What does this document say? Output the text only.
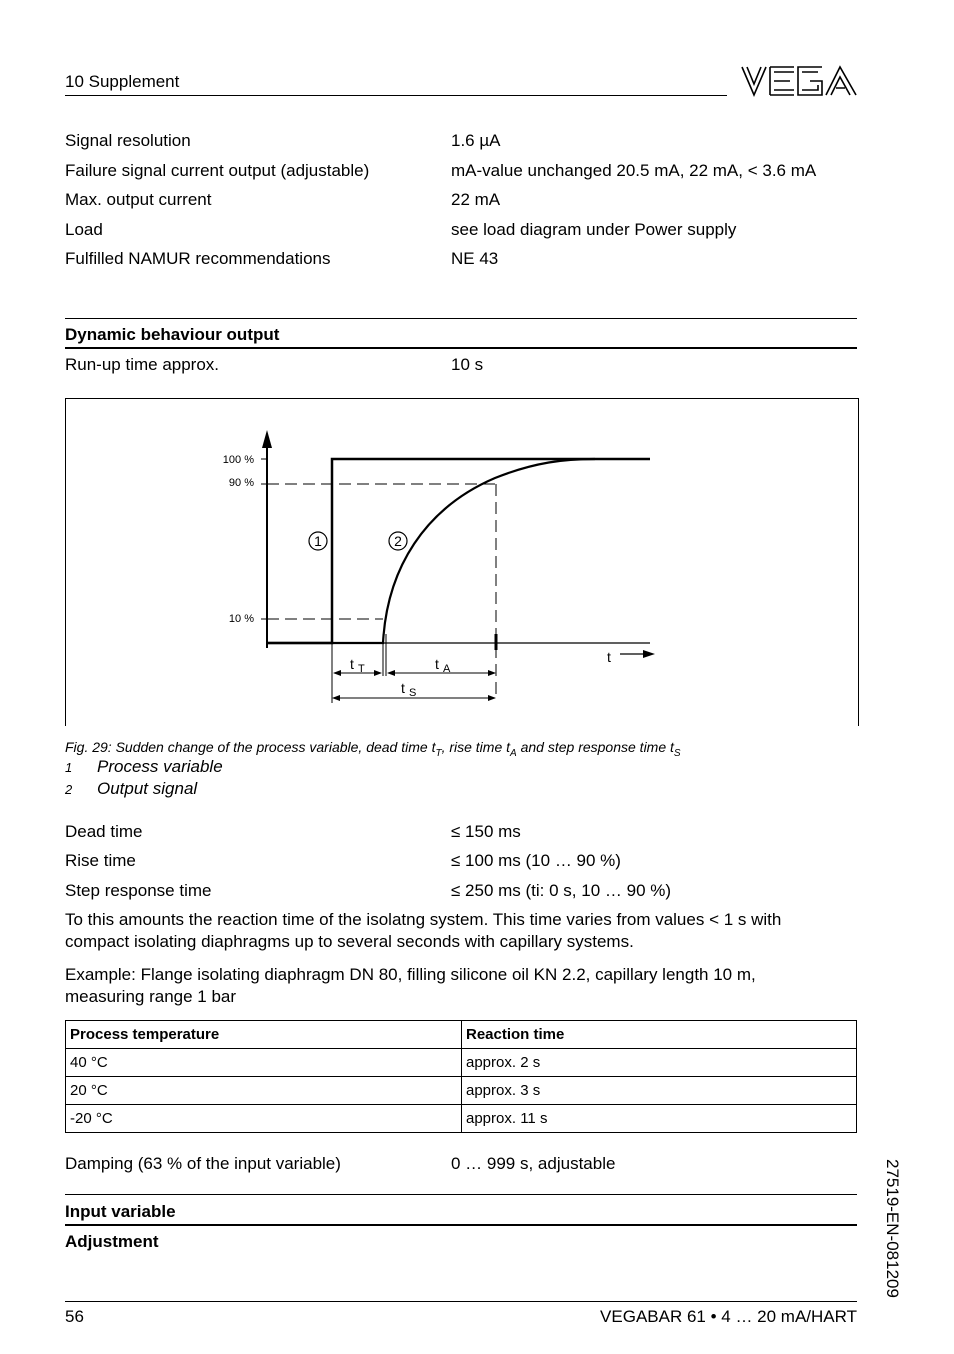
10 Supplement
Signal resolution	1.6 µA
Failure signal current output (adjustable)	mA-value unchanged 20.5 mA, 22 mA, < 3.6 mA
Max. output current	22 mA
Load	see load diagram under Power supply
Fulfilled NAMUR recommendations	NE 43
Dynamic behaviour output
Run-up time approx.	10 s
100 %
90 %
10 %
t T	t A
t S
t
1	2
Fig. 29: Sudden change of the process variable, dead time $t_T$, rise time $t_A$ and step response time $t_S$
1 Process variable
2 Output signal
Dead time	≤ 150 ms
Rise time	≤ 100 ms (10 … 90 %)
Step response time	≤ 250 ms (ti: 0 s, 10 … 90 %)
To this amounts the reaction time of the isolatng system. This time varies from values < 1 s with
compact isolating diaphragms up to several seconds with capillary systems.
Example: Flange isolating diaphragm DN 80, filling silicone oil KN 2.2, capillary length 10 m,
measuring range 1 bar
Process temperature	Reaction time
40 °C	approx. 2 s
20 °C	approx. 3 s
-20 °C	approx. 11 s
Damping (63 % of the input variable)	0 … 999 s, adjustable
Input variable
Adjustment	27519-EN-081209
56	VEGABAR 61 • 4 … 20 mA/HART
